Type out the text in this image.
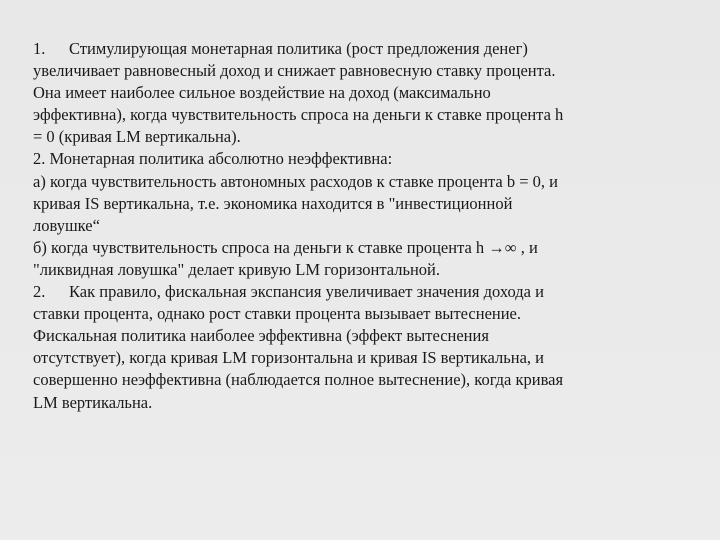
1. Стимулирующая монетарная политика (рост предложения денег)
увеличивает равновесный доход и снижает равновесную ставку процента.
Она имеет наиболее сильное воздействие на доход (максимально
эффективна), когда чувствительность спроса на деньги к ставке процента h
= 0 (кривая LM вертикальна).
2. Монетарная политика абсолютно неэффективна:
а) когда чувствительность автономных расходов к ставке процента b = 0, и
кривая IS вертикальна, т.е. экономика находится в "инвестиционной
ловушке“
б) когда чувствительность спроса на деньги к ставке процента h →∞ , и
"ликвидная ловушка" делает кривую LM горизонтальной.
2. Как правило, фискальная экспансия увеличивает значения дохода и
ставки процента, однако рост ставки процента вызывает вытеснение.
Фискальная политика наиболее эффективна (эффект вытеснения
отсутствует), когда кривая LM горизонтальна и кривая IS вертикальна, и
совершенно неэффективна (наблюдается полное вытеснение), когда кривая
LM вертикальна.
